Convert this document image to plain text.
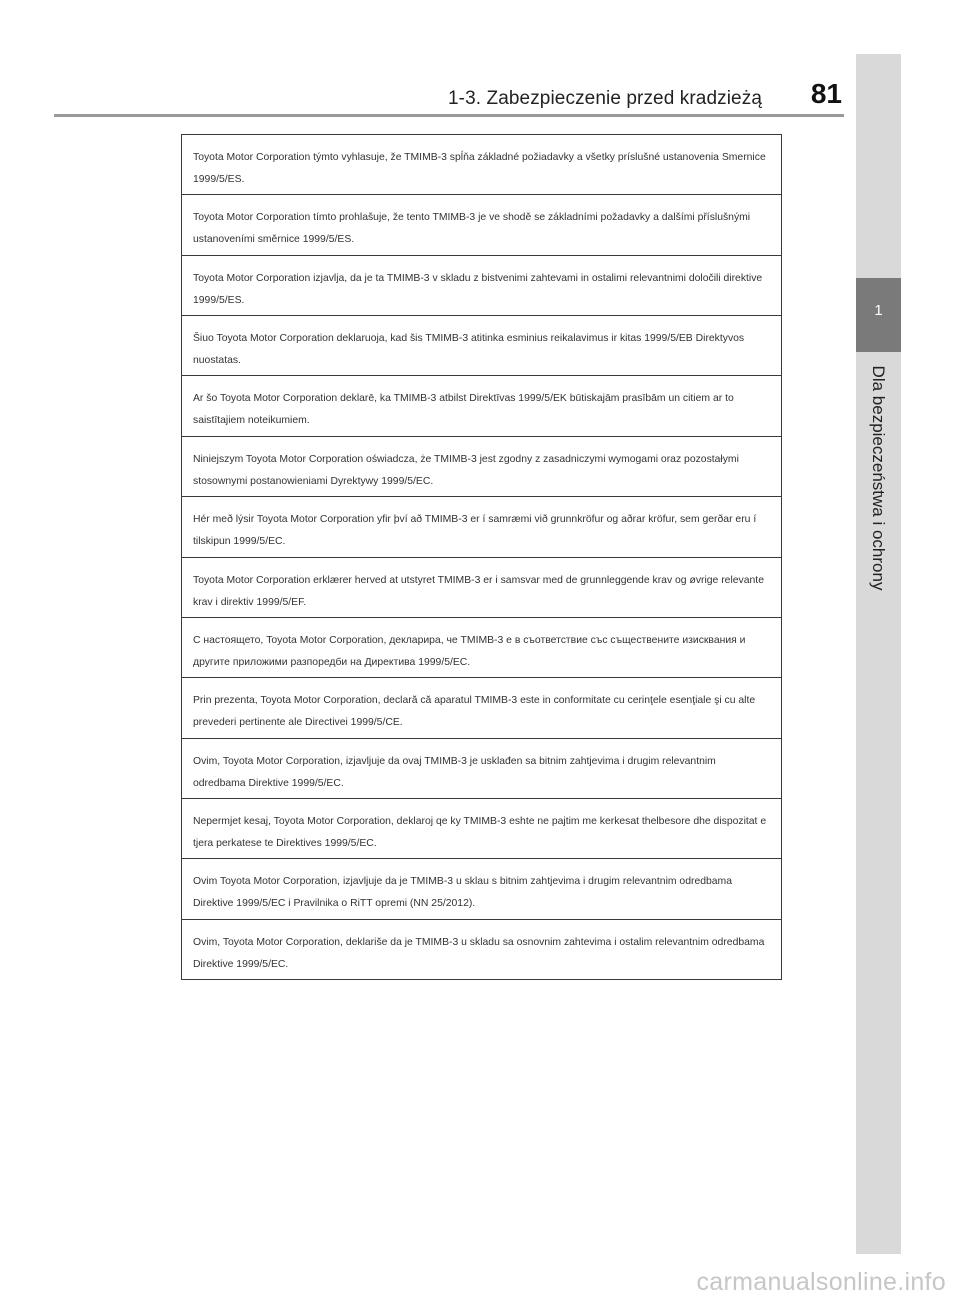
1-3. Zabezpieczenie przed kradzieżą 81
1
Dla bezpieczeństwa i ochrony
Toyota Motor Corporation týmto vyhlasuje, že TMIMB-3 spĺňa základné požiadavky a všetky príslušné ustanovenia Smernice 1999/5/ES.
Toyota Motor Corporation tímto prohlašuje, že tento TMIMB-3 je ve shodě se základními požadavky a dalšími příslušnými ustanoveními směrnice 1999/5/ES.
Toyota Motor Corporation izjavlja, da je ta TMIMB-3 v skladu z bistvenimi zahtevami in ostalimi relevantnimi določili direktive 1999/5/ES.
Šiuo Toyota Motor Corporation deklaruoja, kad šis TMIMB-3 atitinka esminius reikalavimus ir kitas 1999/5/EB Direktyvos nuostatas.
Ar šo Toyota Motor Corporation deklarē, ka TMIMB-3 atbilst Direktīvas 1999/5/EK būtiskajām prasībām un citiem ar to saistītajiem noteikumiem.
Niniejszym Toyota Motor Corporation oświadcza, że TMIMB-3 jest zgodny z zasadniczymi wymogami oraz pozostałymi stosownymi postanowieniami Dyrektywy 1999/5/EC.
Hér með lýsir Toyota Motor Corporation yfir því að TMIMB-3 er í samræmi við grunnkröfur og aðrar kröfur, sem gerðar eru í tilskipun 1999/5/EC.
Toyota Motor Corporation erklærer herved at utstyret TMIMB-3 er i samsvar med de grunnleggende krav og øvrige relevante krav i direktiv 1999/5/EF.
С настоящето, Toyota Motor Corporation, декларира, че TMIMB-3 е в съответствие със съществените изисквания и другите приложими разпоредби на Директива 1999/5/EC.
Prin prezenta, Toyota Motor Corporation, declară că aparatul TMIMB-3 este in conformitate cu cerinţele esenţiale şi cu alte prevederi pertinente ale Directivei 1999/5/CE.
Ovim, Toyota Motor Corporation, izjavljuje da ovaj TMIMB-3 je usklađen sa bitnim zahtjevima i drugim relevantnim odredbama Direktive 1999/5/EC.
Nepermjet kesaj, Toyota Motor Corporation, deklaroj qe ky TMIMB-3 eshte ne pajtim me kerkesat thelbesore dhe dispozitat e tjera perkatese te Direktives 1999/5/EC.
Ovim Toyota Motor Corporation, izjavljuje da je TMIMB-3 u sklau s bitnim zahtjevima i drugim relevantnim odredbama Direktive 1999/5/EC i Pravilnika o RiTT opremi (NN 25/2012).
Ovim, Toyota Motor Corporation, deklariše da je TMIMB-3 u skladu sa osnovnim zahtevima i ostalim relevantnim odredbama Direktive 1999/5/EC.
carmanualsonline.info
